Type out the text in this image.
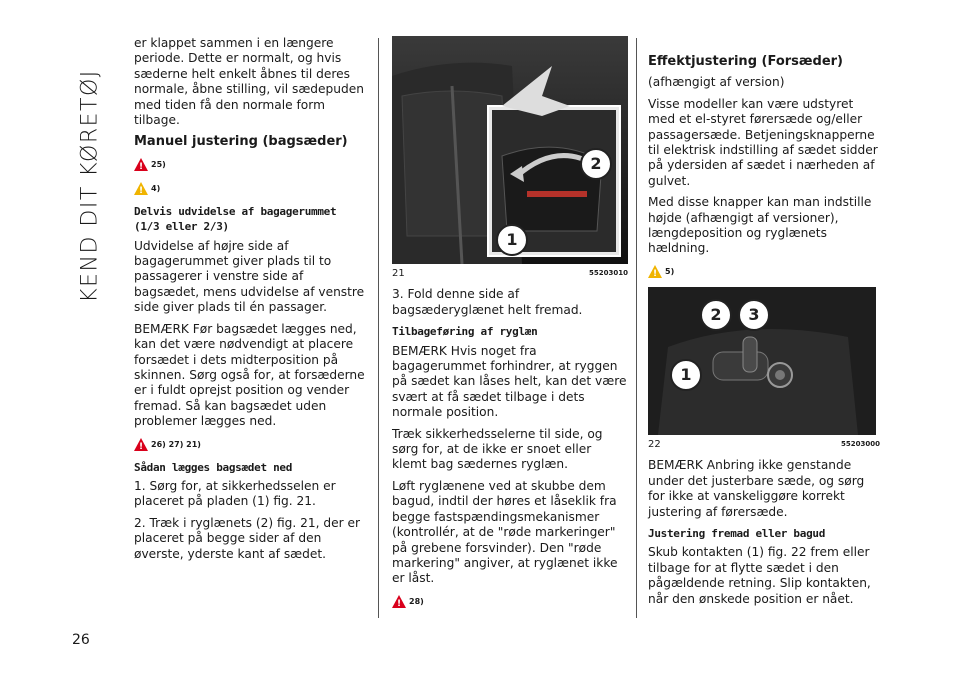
KEND DIT KØRETØJ
26

er klappet sammen i en længere periode. Dette er normalt, og hvis sæderne helt enkelt åbnes til deres normale, åbne stilling, vil sædepuden med tiden få den normale form tilbage.

Manuel justering (bagsæder)
!
25)
!
4)
Delvis udvidelse af bagagerummet (1/3 eller 2/3)

Udvidelse af højre side af bagagerummet giver plads til to passagerer i venstre side af bagsædet, mens udvidelse af venstre side giver plads til én passager.

BEMÆRK Før bagsædet lægges ned, kan det være nødvendigt at placere forsædet i dets midterposition på skinnen. Sørg også for, at forsæderne er i fuldt oprejst position og vender fremad. Så kan bagsædet uden problemer lægges ned.

!
26) 27) 21)
Sådan lægges bagsædet ned

1. Sørg for, at sikkerhedsselen er placeret på pladen (1) fig. 21.

2. Træk i ryglænets (2) fig. 21, der er placeret på begge sider af den øverste, yderste kant af sædet.

1
2
21	55203010

3. Fold denne side af bagsæderyglænet helt fremad.

Tilbageføring af ryglæn

BEMÆRK Hvis noget fra bagagerummet forhindrer, at ryggen på sædet kan låses helt, kan det være svært at få sædet tilbage i dets normale position.

Træk sikkerhedsselerne til side, og sørg for, at de ikke er snoet eller klemt bag sædernes ryglæn.

Løft ryglænene ved at skubbe dem bagud, indtil der høres et låseklik fra begge fastspændingsmekanismer (kontrollér, at de "røde markeringer" på grebene forsvinder). Den "røde markering" angiver, at ryglænet ikke er låst.

!
28)
Effektjustering (Forsæder)

(afhængigt af version)

Visse modeller kan være udstyret med et el-styret førersæde og/eller passagersæde. Betjeningsknapperne til elektrisk indstilling af sædet sidder på ydersiden af sædet i nærheden af gulvet.

Med disse knapper kan man indstille højde (afhængigt af versioner), længdeposition og ryglænets hældning.

!
5)
1
2	3
22	55203000

BEMÆRK Anbring ikke genstande under det justerbare sæde, og sørg for ikke at vanskeliggøre korrekt justering af førersæde.

Justering fremad eller bagud

Skub kontakten (1) fig. 22 frem eller tilbage for at flytte sædet i den pågældende retning. Slip kontakten, når den ønskede position er nået.
